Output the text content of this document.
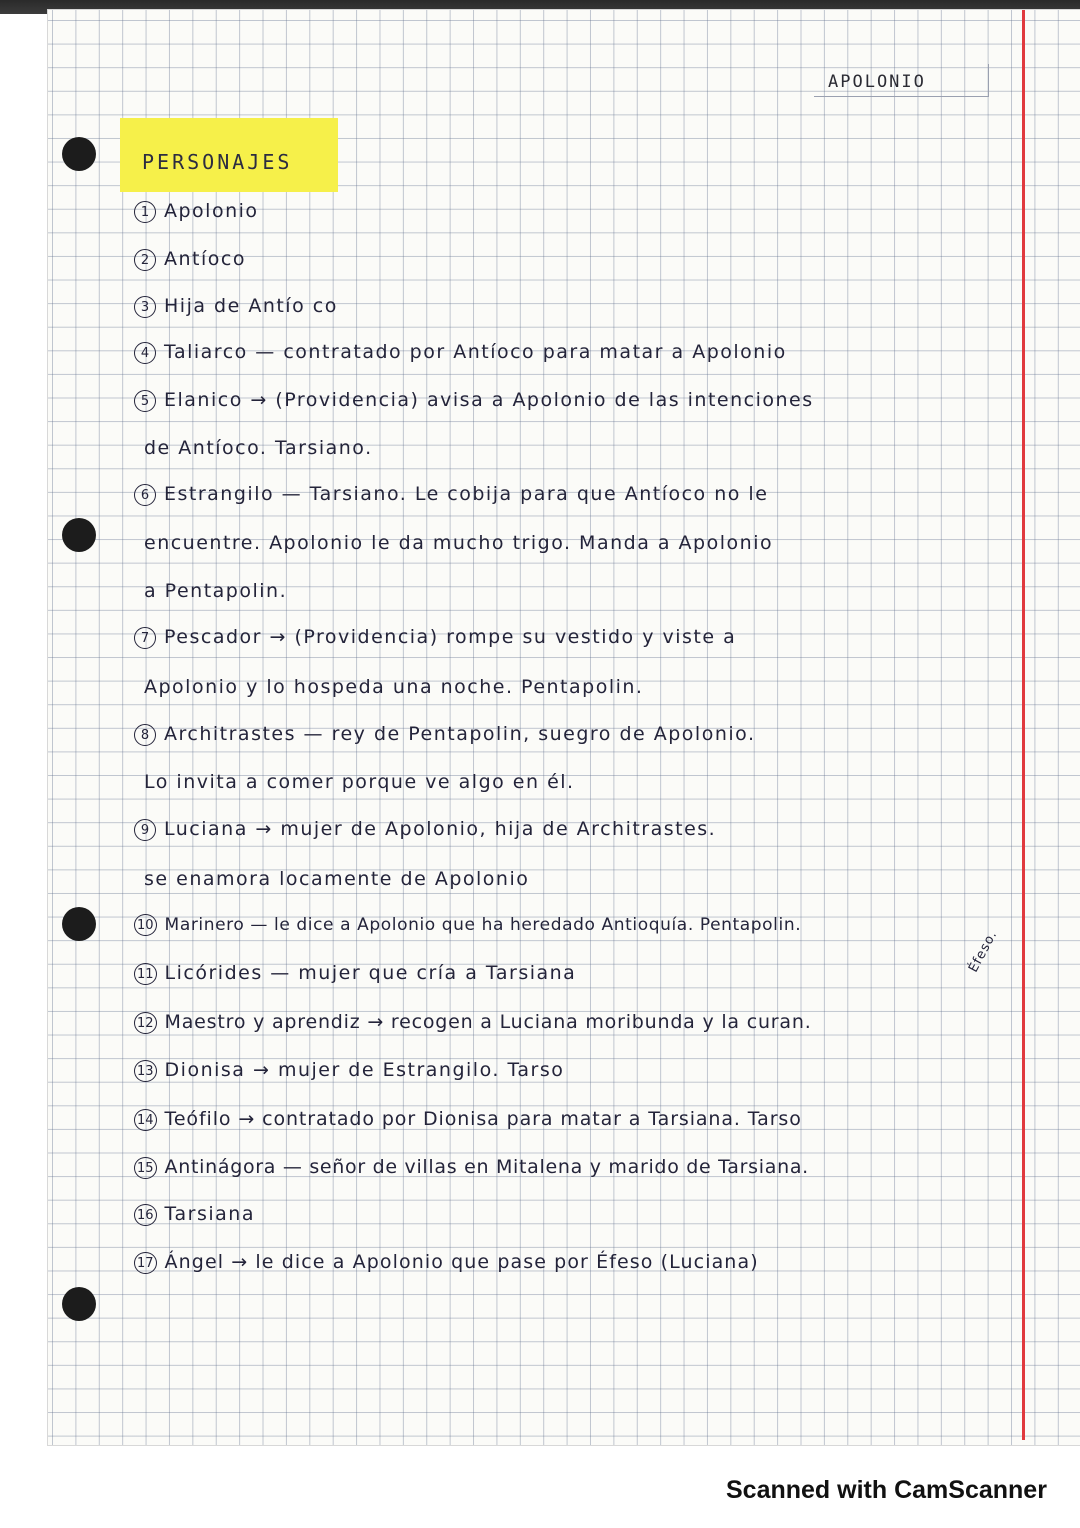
APOLONIO
PERSONAJES
1 Apolonio
2 Antíoco
3 Hija de Antío co
4 Taliarco — contratado por Antíoco para matar a Apolonio
5 Elanico → (Providencia) avisa a Apolonio de las intenciones
de Antíoco. Tarsiano.
6 Estrangilo — Tarsiano. Le cobija para que Antíoco no le
encuentre. Apolonio le da mucho trigo. Manda a Apolonio
a Pentapolin.
7 Pescador → (Providencia) rompe su vestido y viste a
Apolonio y lo hospeda una noche. Pentapolin.
8 Architrastes — rey de Pentapolin, suegro de Apolonio.
Lo invita a comer porque ve algo en él.
9 Luciana → mujer de Apolonio, hija de Architrastes.
se enamora locamente de Apolonio
10 Marinero — le dice a Apolonio que ha heredado Antioquía. Pentapolin.
11 Licórides — mujer que cría a Tarsiana
12 Maestro y aprendiz → recogen a Luciana moribunda y la curan.
13 Dionisa → mujer de Estrangilo. Tarso
14 Teófilo → contratado por Dionisa para matar a Tarsiana. Tarso
15 Antinágora — señor de villas en Mitalena y marido de Tarsiana.
16 Tarsiana
17 Ángel → le dice a Apolonio que pase por Éfeso (Luciana)
Éfeso.
Scanned with CamScanner
